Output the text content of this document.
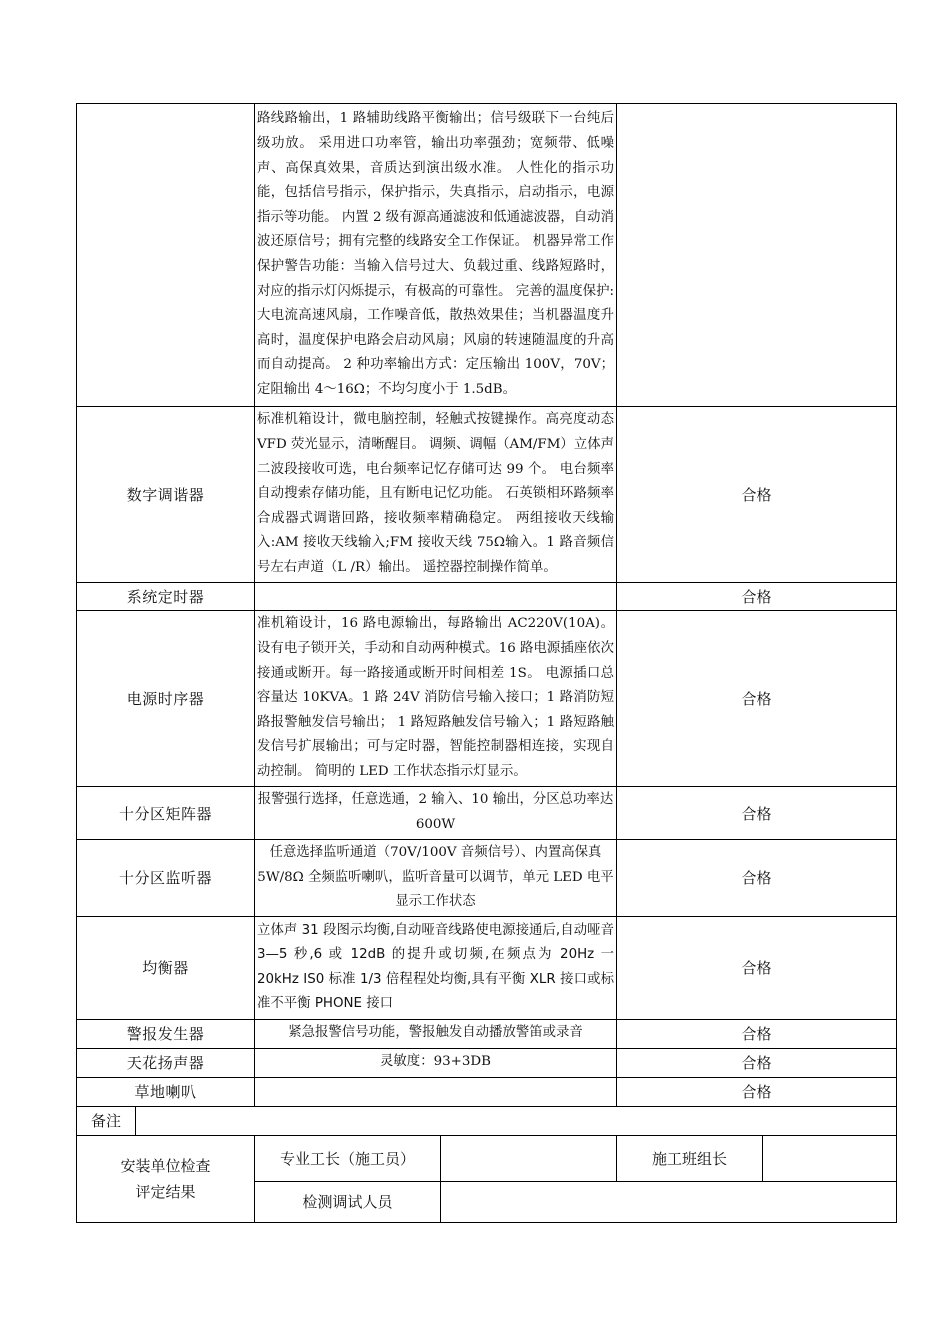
		路线路输出，1 路辅助线路平衡输出；信号级联下一台纯后级功放。 采用进口功率管，输出功率强劲；宽频带、低噪声、高保真效果，音质达到演出级水准。 人性化的指示功能，包括信号指示，保护指示，失真指示，启动指示，电源指示等功能。 内置 2 级有源高通滤波和低通滤波器，自动消波还原信号；拥有完整的线路安全工作保证。 机器异常工作保护警告功能：当输入信号过大、负载过重、线路短路时，对应的指示灯闪烁提示，有极高的可靠性。 完善的温度保护:大电流高速风扇，工作噪音低，散热效果佳；当机器温度升高时，温度保护电路会启动风扇；风扇的转速随温度的升高而自动提高。 2 种功率输出方式：定压输出 100V，70V；定阻输出 4～16Ω；不均匀度小于 1.5dB。			
数字调谐器		标准机箱设计，微电脑控制，轻触式按键操作。高亮度动态 VFD 荧光显示，清晰醒目。 调频、调幅（AM/FM）立体声二波段接收可选，电台频率记忆存储可达 99 个。 电台频率自动搜索存储功能，且有断电记忆功能。 石英锁相环路频率合成器式调谐回路，接收频率精确稳定。 两组接收天线输入:AM 接收天线输入;FM 接收天线 75Ω输入。1 路音频信号左右声道（L /R）输出。 遥控器控制操作简单。		合格	
系统定时器				合格	
电源时序器		准机箱设计，16 路电源输出，每路输出 AC220V(10A)。设有电子锁开关，手动和自动两种模式。16 路电源插座依次接通或断开。每一路接通或断开时间相差 1S。 电源插口总容量达 10KVA。1 路 24V 消防信号输入接口；1 路消防短路报警触发信号输出； 1 路短路触发信号输入；1 路短路触发信号扩展输出；可与定时器，智能控制器相连接，实现自动控制。 简明的 LED 工作状态指示灯显示。		合格	
十分区矩阵器		报警强行选择，任意选通，2 输入、10 输出，分区总功率达 600W		合格	
十分区监听器		任意选择监听通道（70V/100V 音频信号）、内置高保真 5W/8Ω 全频监听喇叭，监听音量可以调节，单元 LED 电平显示工作状态		合格	
均衡器		立体声 31 段图示均衡,自动哑音线路使电源接通后,自动哑音 3—5 秒,6 或 12dB 的提升或切频,在频点为 20Hz 一 20kHz IS0 标准 1/3 倍程程处均衡,具有平衡 XLR 接口或标准不平衡 PHONE 接口		合格	
警报发生器		紧急报警信号功能，警报触发自动播放警笛或录音		合格	
天花扬声器		灵敏度：93+3DB		合格	
草地喇叭				合格	
备注					

安装单位检查
评定结果		专业工长（施工员）		施工班组长	
		检测调试人员			
